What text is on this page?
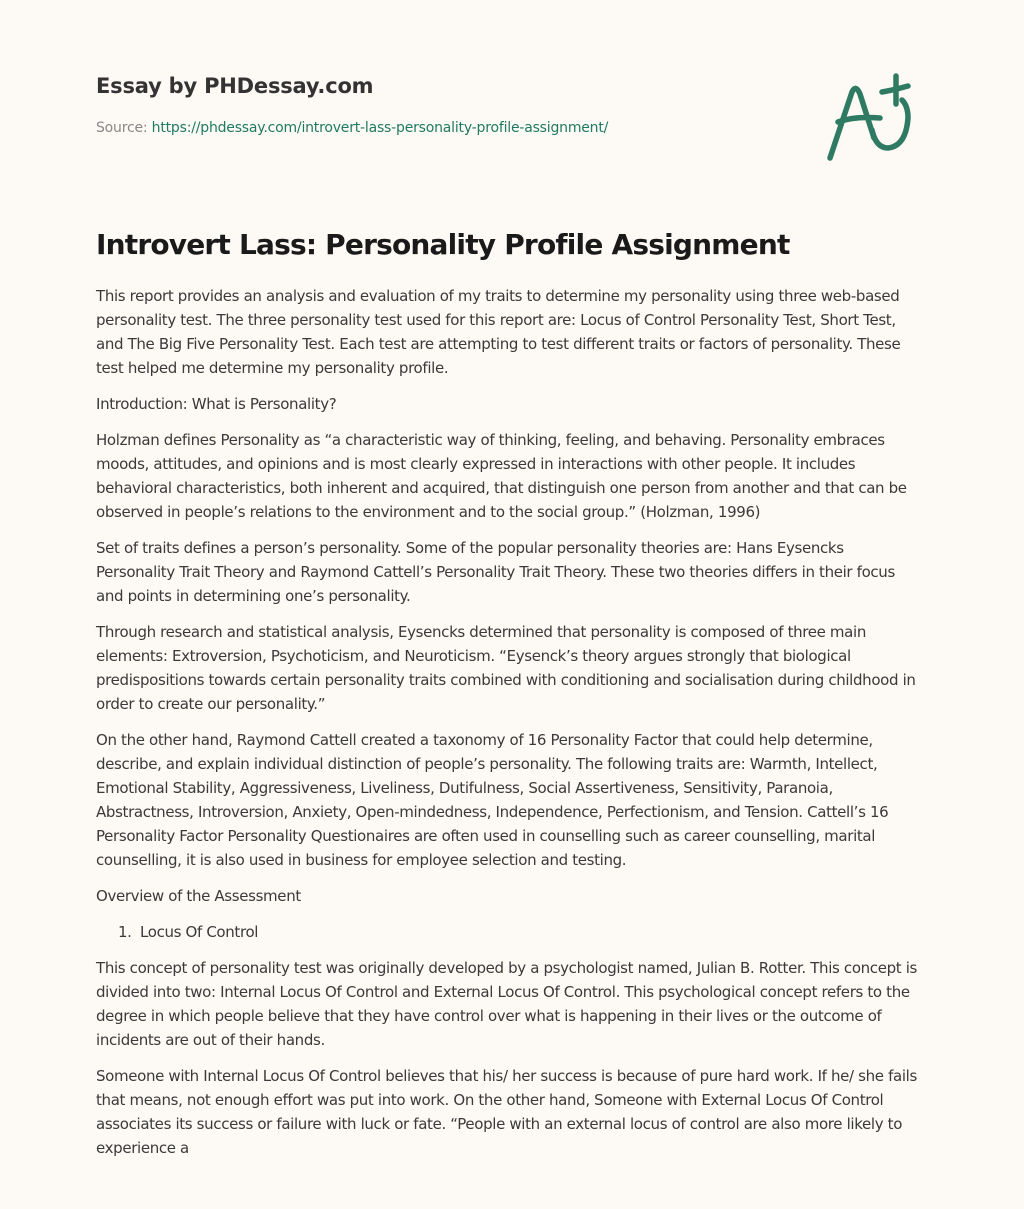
Essay by PHDessay.com
Source: https://phdessay.com/introvert-lass-personality-profile-assignment/
Introvert Lass: Personality Profile Assignment

This report provides an analysis and evaluation of my traits to determine my personality using three web-based personality test. The three personality test used for this report are: Locus of Control Personality Test, Short Test, and The Big Five Personality Test. Each test are attempting to test different traits or factors of personality. These test helped me determine my personality profile.

Introduction: What is Personality?

Holzman defines Personality as “a characteristic way of thinking, feeling, and behaving. Personality embraces moods, attitudes, and opinions and is most clearly expressed in interactions with other people. It includes behavioral characteristics, both inherent and acquired, that distinguish one person from another and that can be observed in people’s relations to the environment and to the social group.” (Holzman, 1996)

Set of traits defines a person’s personality. Some of the popular personality theories are: Hans Eysencks Personality Trait Theory and Raymond Cattell’s Personality Trait Theory. These two theories differs in their focus and points in determining one’s personality.

Through research and statistical analysis, Eysencks determined that personality is composed of three main elements: Extroversion, Psychoticism, and Neuroticism. “Eysenck’s theory argues strongly that biological predispositions towards certain personality traits combined with conditioning and socialisation during childhood in order to create our personality.”

On the other hand, Raymond Cattell created a taxonomy of 16 Personality Factor that could help determine, describe, and explain individual distinction of people’s personality. The following traits are: Warmth, Intellect, Emotional Stability, Aggressiveness, Liveliness, Dutifulness, Social Assertiveness, Sensitivity, Paranoia, Abstractness, Introversion, Anxiety, Open-mindedness, Independence, Perfectionism, and Tension. Cattell’s 16 Personality Factor Personality Questionaires are often used in counselling such as career counselling, marital counselling, it is also used in business for employee selection and testing.

Overview of the Assessment

1. Locus Of Control

This concept of personality test was originally developed by a psychologist named, Julian B. Rotter. This concept is divided into two: Internal Locus Of Control and External Locus Of Control. This psychological concept refers to the degree in which people believe that they have control over what is happening in their lives or the outcome of incidents are out of their hands.

Someone with Internal Locus Of Control believes that his/ her success is because of pure hard work. If he/ she fails that means, not enough effort was put into work. On the other hand, Someone with External Locus Of Control associates its success or failure with luck or fate. “People with an external locus of control are also more likely to experience a
